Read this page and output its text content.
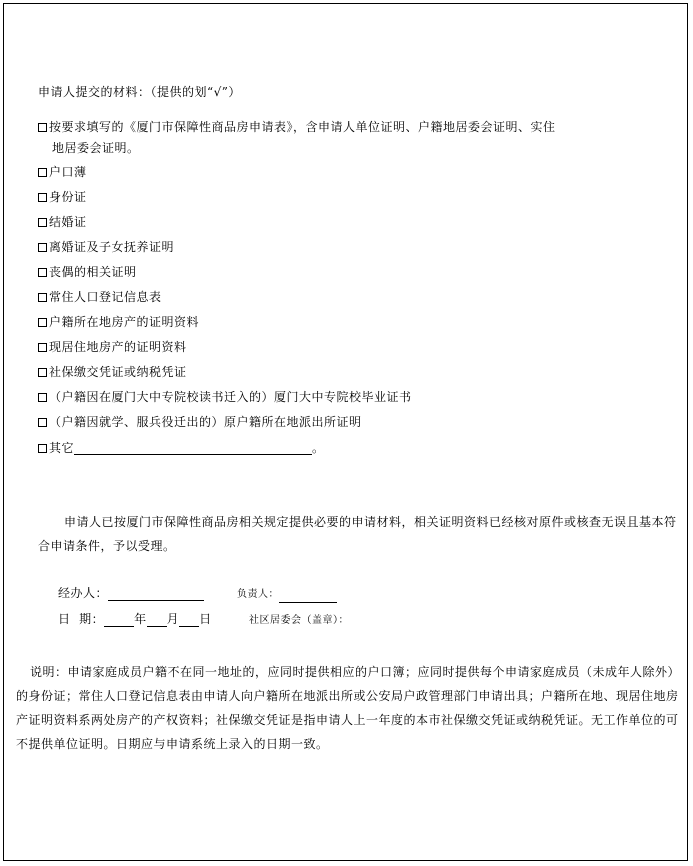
申请人提交的材料：（提供的划“√”）
按要求填写的《厦门市保障性商品房申请表》，含申请人单位证明、户籍地居委会证明、实住
地居委会证明。
户口薄
身份证
结婚证
离婚证及子女抚养证明
丧偶的相关证明
常住人口登记信息表
户籍所在地房产的证明资料
现居住地房产的证明资料
社保缴交凭证或纳税凭证
（户籍因在厦门大中专院校读书迁入的）厦门大中专院校毕业证书
（户籍因就学、服兵役迁出的）原户籍所在地派出所证明
其它	。
申请人已按厦门市保障性商品房相关规定提供必要的申请材料，相关证明资料已经核对原件或核查无误且基本符合申请条件，予以受理。
经办人：	负责人：
日  期：	年 月 日	社区居委会（盖章）：
说明：申请家庭成员户籍不在同一地址的，应同时提供相应的户口簿；应同时提供每个申请家庭成员（未成年人除外）的身份证；常住人口登记信息表由申请人向户籍所在地派出所或公安局户政管理部门申请出具；户籍所在地、现居住地房产证明资料系两处房产的产权资料；社保缴交凭证是指申请人上一年度的本市社保缴交凭证或纳税凭证。无工作单位的可不提供单位证明。日期应与申请系统上录入的日期一致。
